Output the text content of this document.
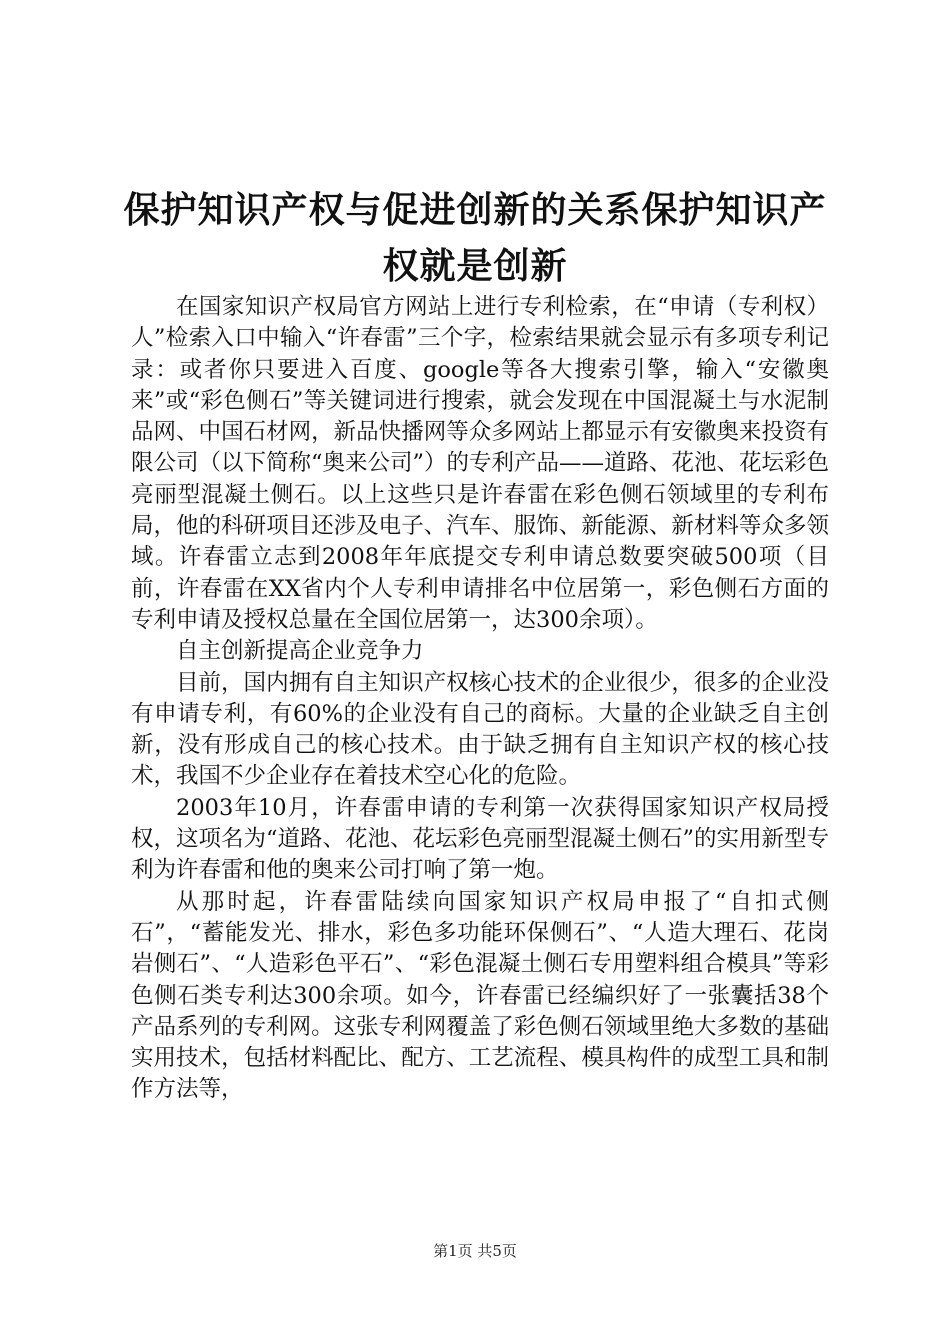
保护知识产权与促进创新的关系保护知识产权就是创新

在国家知识产权局官方网站上进行专利检索，在“申请（专利权）人”检索入口中输入“许春雷”三个字，检索结果就会显示有多项专利记录：或者你只要进入百度、google等各大搜索引擎，输入“安徽奥来”或“彩色侧石”等关键词进行搜索，就会发现在中国混凝土与水泥制品网、中国石材网，新品快播网等众多网站上都显示有安徽奥来投资有限公司（以下简称“奥来公司”）的专利产品——道路、花池、花坛彩色亮丽型混凝土侧石。以上这些只是许春雷在彩色侧石领域里的专利布局，他的科研项目还涉及电子、汽车、服饰、新能源、新材料等众多领域。许春雷立志到2008年年底提交专利申请总数要突破500项（目前，许春雷在XX省内个人专利申请排名中位居第一，彩色侧石方面的专利申请及授权总量在全国位居第一，达300余项）。

自主创新提高企业竞争力

目前，国内拥有自主知识产权核心技术的企业很少，很多的企业没有申请专利，有60%的企业没有自己的商标。大量的企业缺乏自主创新，没有形成自己的核心技术。由于缺乏拥有自主知识产权的核心技术，我国不少企业存在着技术空心化的危险。

2003年10月，许春雷申请的专利第一次获得国家知识产权局授权，这项名为“道路、花池、花坛彩色亮丽型混凝土侧石”的实用新型专利为许春雷和他的奥来公司打响了第一炮。

从那时起，许春雷陆续向国家知识产权局申报了“自扣式侧石”，“蓄能发光、排水，彩色多功能环保侧石”、“人造大理石、花岗岩侧石”、“人造彩色平石”、“彩色混凝土侧石专用塑料组合模具”等彩色侧石类专利达300余项。如今，许春雷已经编织好了一张囊括38个产品系列的专利网。这张专利网覆盖了彩色侧石领域里绝大多数的基础实用技术，包括材料配比、配方、工艺流程、模具构件的成型工具和制作方法等，

第1页 共5页
